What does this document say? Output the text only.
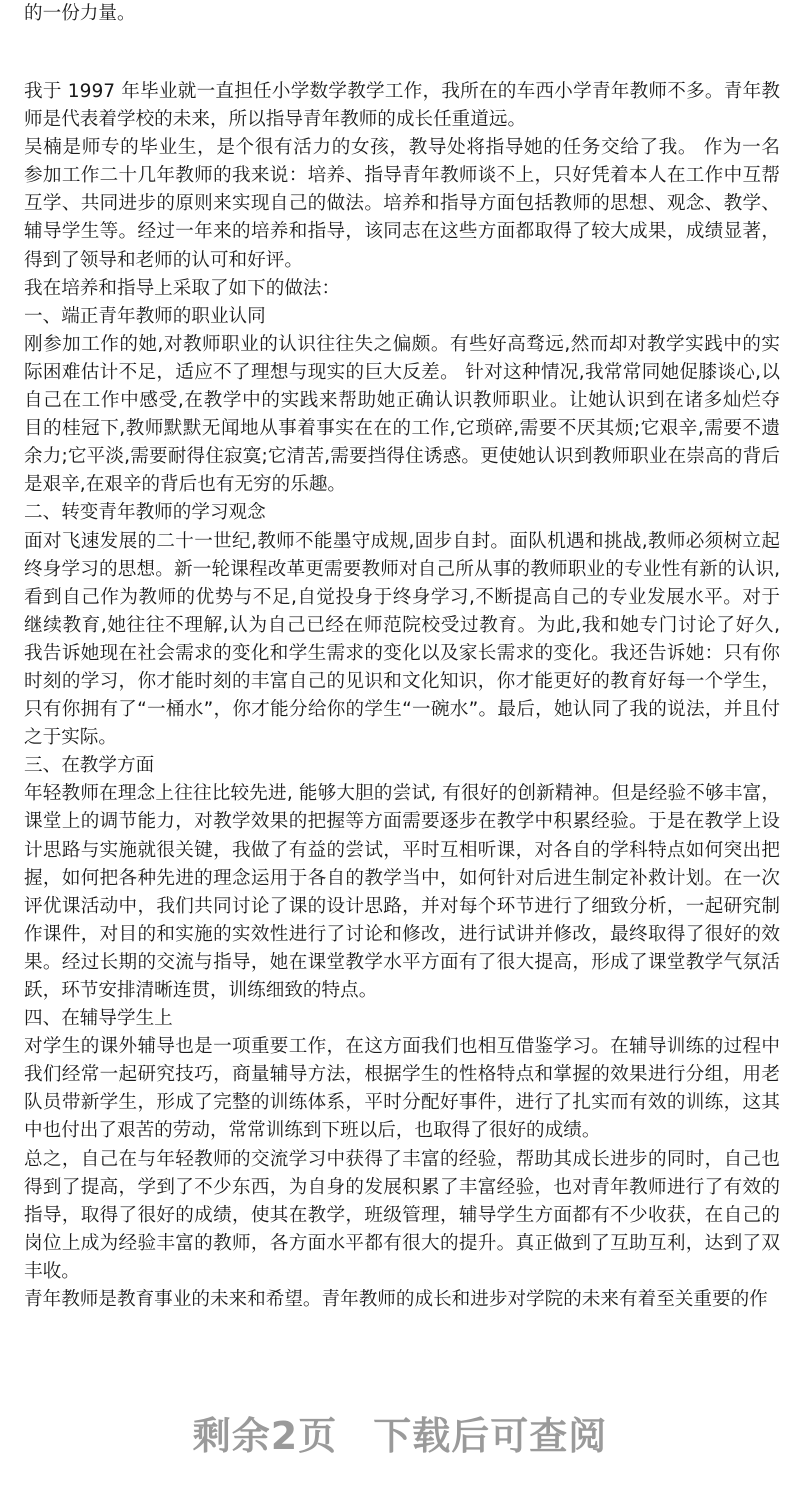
的一份力量。
我于 1997 年毕业就一直担任小学数学教学工作，我所在的车西小学青年教师不多。青年教
师是代表着学校的未来，所以指导青年教师的成长任重道远。
吴楠是师专的毕业生，是个很有活力的女孩，教导处将指导她的任务交给了我。 作为一名
参加工作二十几年教师的我来说：培养、指导青年教师谈不上，只好凭着本人在工作中互帮
互学、共同进步的原则来实现自己的做法。培养和指导方面包括教师的思想、观念、教学、
辅导学生等。经过一年来的培养和指导，该同志在这些方面都取得了较大成果，成绩显著，
得到了领导和老师的认可和好评。
我在培养和指导上采取了如下的做法：
一、端正青年教师的职业认同
刚参加工作的她,对教师职业的认识往往失之偏颇。有些好高骛远,然而却对教学实践中的实
际困难估计不足，适应不了理想与现实的巨大反差。 针对这种情况,我常常同她促膝谈心,以
自己在工作中感受,在教学中的实践来帮助她正确认识教师职业。让她认识到在诸多灿烂夺
目的桂冠下,教师默默无闻地从事着事实在在的工作,它琐碎,需要不厌其烦;它艰辛,需要不遗
余力;它平淡,需要耐得住寂寞;它清苦,需要挡得住诱惑。更使她认识到教师职业在崇高的背后
是艰辛,在艰辛的背后也有无穷的乐趣。
二、转变青年教师的学习观念
面对飞速发展的二十一世纪,教师不能墨守成规,固步自封。面队机遇和挑战,教师必须树立起
终身学习的思想。新一轮课程改革更需要教师对自己所从事的教师职业的专业性有新的认识,
看到自己作为教师的优势与不足,自觉投身于终身学习,不断提高自己的专业发展水平。对于
继续教育,她往往不理解,认为自己已经在师范院校受过教育。为此,我和她专门讨论了好久,
我告诉她现在社会需求的变化和学生需求的变化以及家长需求的变化。我还告诉她：只有你
时刻的学习，你才能时刻的丰富自己的见识和文化知识，你才能更好的教育好每一个学生，
只有你拥有了“一桶水”，你才能分给你的学生“一碗水”。最后，她认同了我的说法，并且付
之于实际。
三、在教学方面
年轻教师在理念上往往比较先进, 能够大胆的尝试, 有很好的创新精神。但是经验不够丰富，
课堂上的调节能力，对教学效果的把握等方面需要逐步在教学中积累经验。于是在教学上设
计思路与实施就很关键，我做了有益的尝试，平时互相听课，对各自的学科特点如何突出把
握，如何把各种先进的理念运用于各自的教学当中，如何针对后进生制定补救计划。在一次
评优课活动中，我们共同讨论了课的设计思路，并对每个环节进行了细致分析，一起研究制
作课件，对目的和实施的实效性进行了讨论和修改，进行试讲并修改，最终取得了很好的效
果。经过长期的交流与指导，她在课堂教学水平方面有了很大提高，形成了课堂教学气氛活
跃，环节安排清晰连贯，训练细致的特点。
四、在辅导学生上
对学生的课外辅导也是一项重要工作，在这方面我们也相互借鉴学习。在辅导训练的过程中
我们经常一起研究技巧，商量辅导方法，根据学生的性格特点和掌握的效果进行分组，用老
队员带新学生，形成了完整的训练体系，平时分配好事件，进行了扎实而有效的训练，这其
中也付出了艰苦的劳动，常常训练到下班以后，也取得了很好的成绩。
总之，自己在与年轻教师的交流学习中获得了丰富的经验，帮助其成长进步的同时，自己也
得到了提高，学到了不少东西，为自身的发展积累了丰富经验，也对青年教师进行了有效的
指导，取得了很好的成绩，使其在教学，班级管理，辅导学生方面都有不少收获，在自己的
岗位上成为经验丰富的教师，各方面水平都有很大的提升。真正做到了互助互利，达到了双
丰收。
青年教师是教育事业的未来和希望。青年教师的成长和进步对学院的未来有着至关重要的作
剩余2页 下载后可查阅
